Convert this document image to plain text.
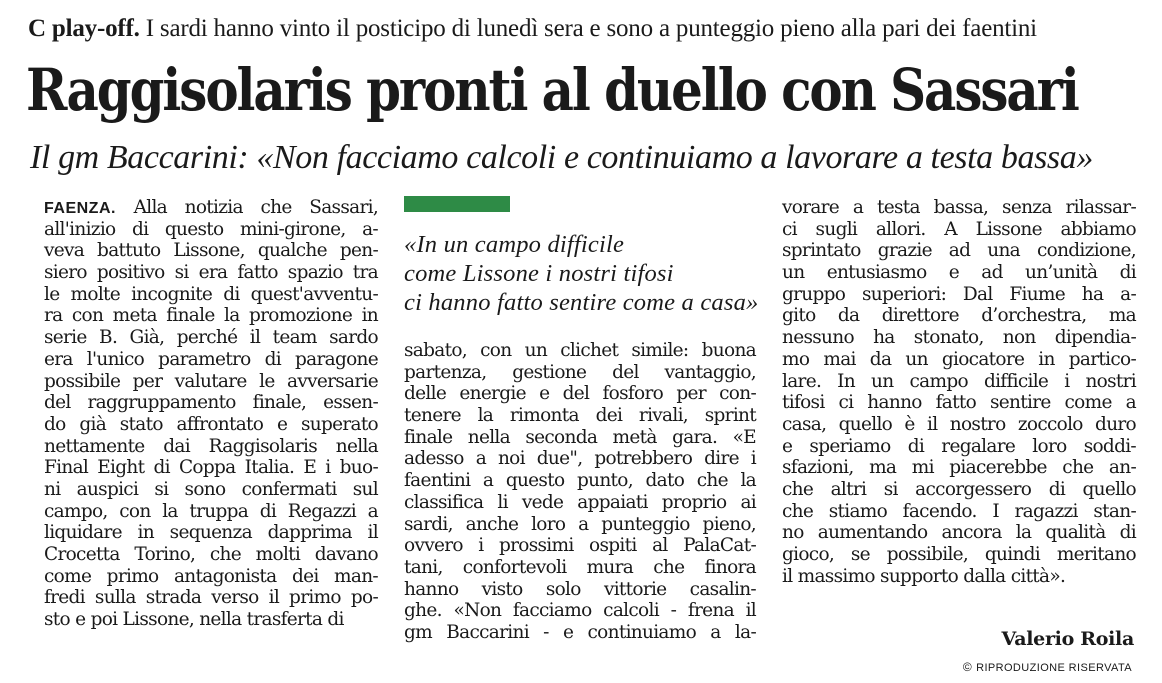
C play-off. I sardi hanno vinto il posticipo di lunedì sera e sono a punteggio pieno alla pari dei faentini
Raggisolaris pronti al duello con Sassari
Il gm Baccarini: «Non facciamo calcoli e continuiamo a lavorare a testa bassa»
FAENZA. Alla notizia che Sassari,
all'inizio di questo mini-girone, a-
veva battuto Lissone, qualche pen-
siero positivo si era fatto spazio tra
le molte incognite di quest'avventu-
ra con meta finale la promozione in
serie B. Già, perché il team sardo
era l'unico parametro di paragone
possibile per valutare le avversarie
del raggruppamento finale, essen-
do già stato affrontato e superato
nettamente dai Raggisolaris nella
Final Eight di Coppa Italia. E i buo-
ni auspici si sono confermati sul
campo, con la truppa di Regazzi a
liquidare in sequenza dapprima il
Crocetta Torino, che molti davano
come primo antagonista dei man-
fredi sulla strada verso il primo po-
sto e poi Lissone, nella trasferta di
«In un campo difficile
come Lissone i nostri tifosi
ci hanno fatto sentire come a casa»
sabato, con un clichet simile: buona
partenza, gestione del vantaggio,
delle energie e del fosforo per con-
tenere la rimonta dei rivali, sprint
finale nella seconda metà gara. «E
adesso a noi due", potrebbero dire i
faentini a questo punto, dato che la
classifica li vede appaiati proprio ai
sardi, anche loro a punteggio pieno,
ovvero i prossimi ospiti al PalaCat-
tani, confortevoli mura che finora
hanno visto solo vittorie casalin-
ghe. «Non facciamo calcoli - frena il
gm Baccarini - e continuiamo a la-
vorare a testa bassa, senza rilassar-
ci sugli allori. A Lissone abbiamo
sprintato grazie ad una condizione,
un entusiasmo e ad un’unità di
gruppo superiori: Dal Fiume ha a-
gito da direttore d’orchestra, ma
nessuno ha stonato, non dipendia-
mo mai da un giocatore in partico-
lare. In un campo difficile i nostri
tifosi ci hanno fatto sentire come a
casa, quello è il nostro zoccolo duro
e speriamo di regalare loro soddi-
sfazioni, ma mi piacerebbe che an-
che altri si accorgessero di quello
che stiamo facendo. I ragazzi stan-
no aumentando ancora la qualità di
gioco, se possibile, quindi meritano
il massimo supporto dalla città».
Valerio Roila
© RIPRODUZIONE RISERVATA
